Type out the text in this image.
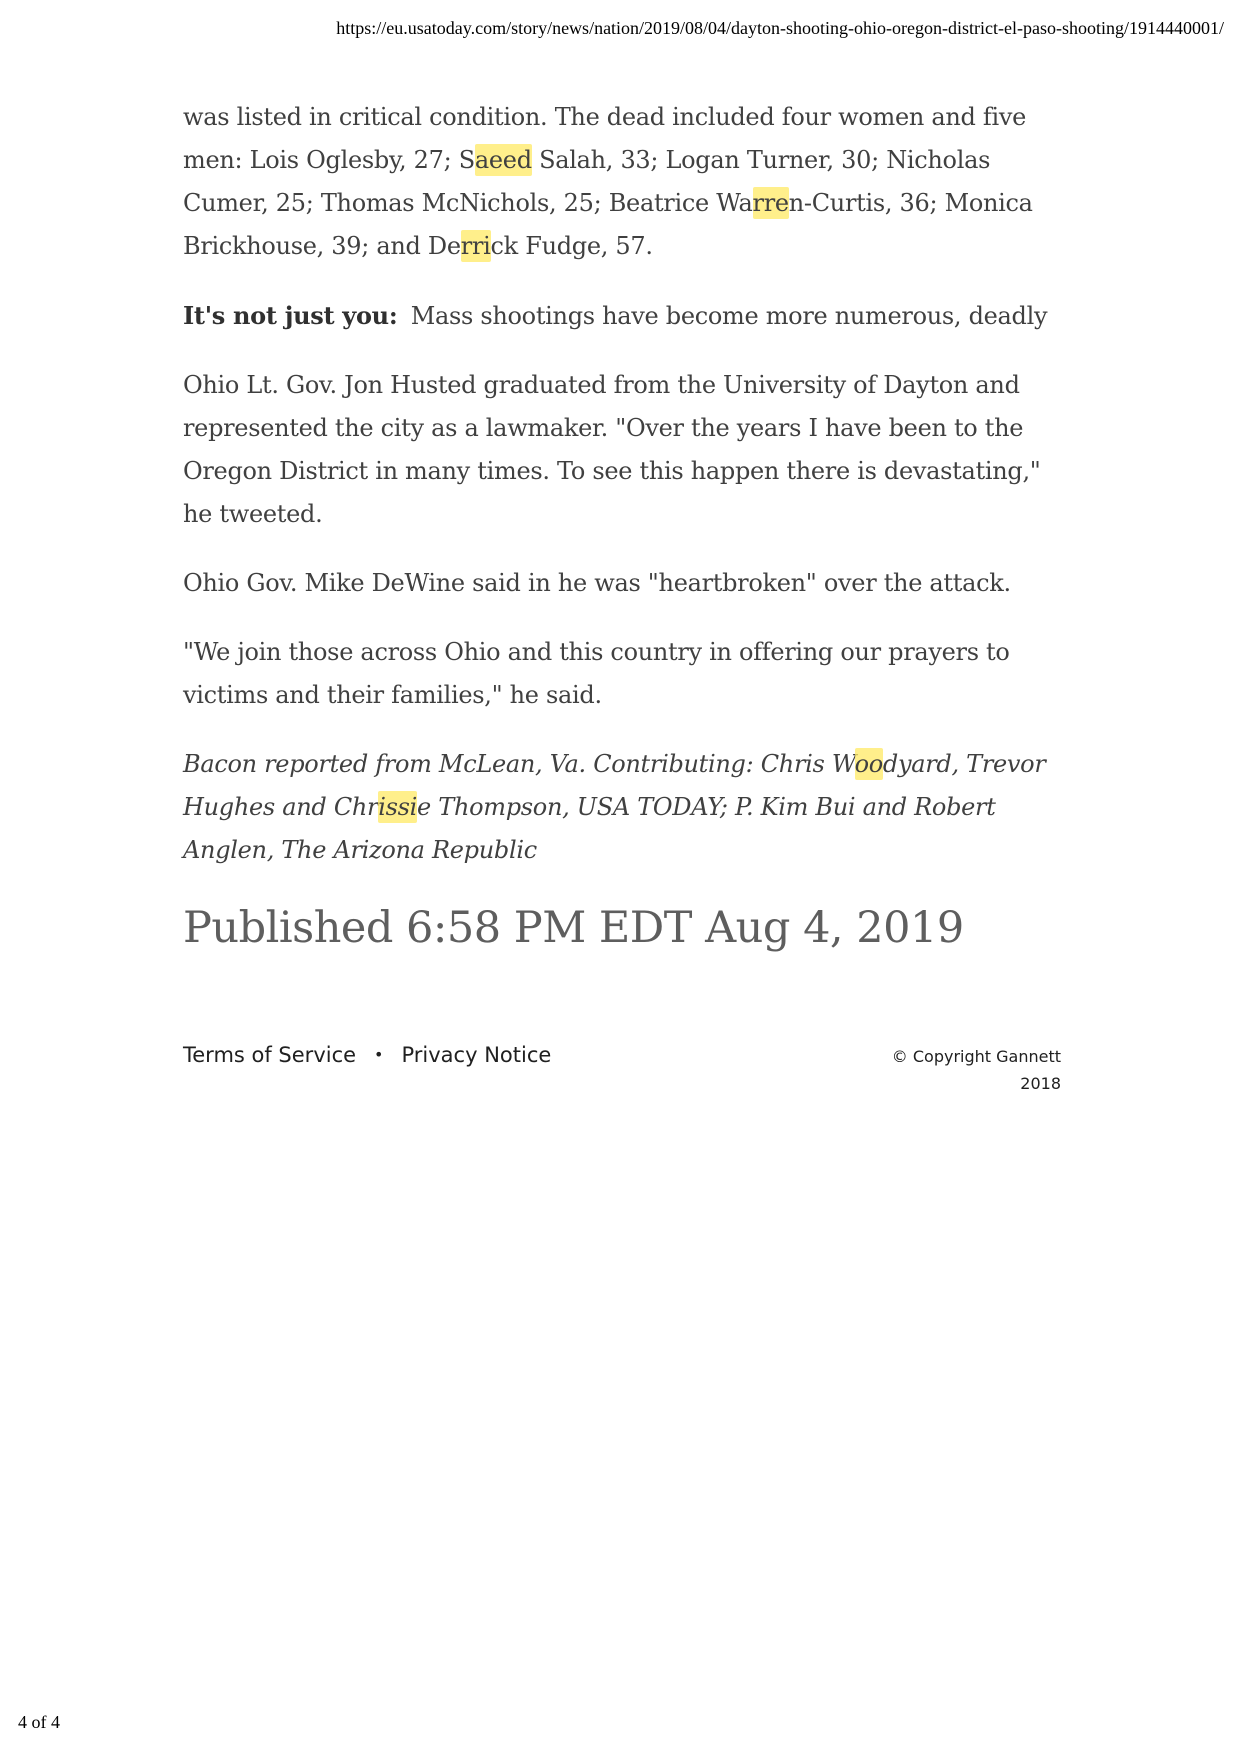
https://eu.usatoday.com/story/news/nation/2019/08/04/dayton-shooting-ohio-oregon-district-el-paso-shooting/1914440001/

was listed in critical condition. The dead included four women and five men: Lois Oglesby, 27; Saeed Salah, 33; Logan Turner, 30; Nicholas Cumer, 25; Thomas McNichols, 25; Beatrice Warren-Curtis, 36; Monica Brickhouse, 39; and Derrick Fudge, 57.

It's not just you: Mass shootings have become more numerous, deadly

Ohio Lt. Gov. Jon Husted graduated from the University of Dayton and represented the city as a lawmaker. "Over the years I have been to the Oregon District in many times. To see this happen there is devastating," he tweeted.

Ohio Gov. Mike DeWine said in he was "heartbroken" over the attack.

"We join those across Ohio and this country in offering our prayers to victims and their families," he said.

Bacon reported from McLean, Va. Contributing: Chris Woodyard, Trevor Hughes and Chrissie Thompson, USA TODAY; P. Kim Bui and Robert Anglen, The Arizona Republic

Published 6:58 PM EDT Aug 4, 2019
Terms of Service • Privacy Notice	© Copyright Gannett
2018
4 of 4
